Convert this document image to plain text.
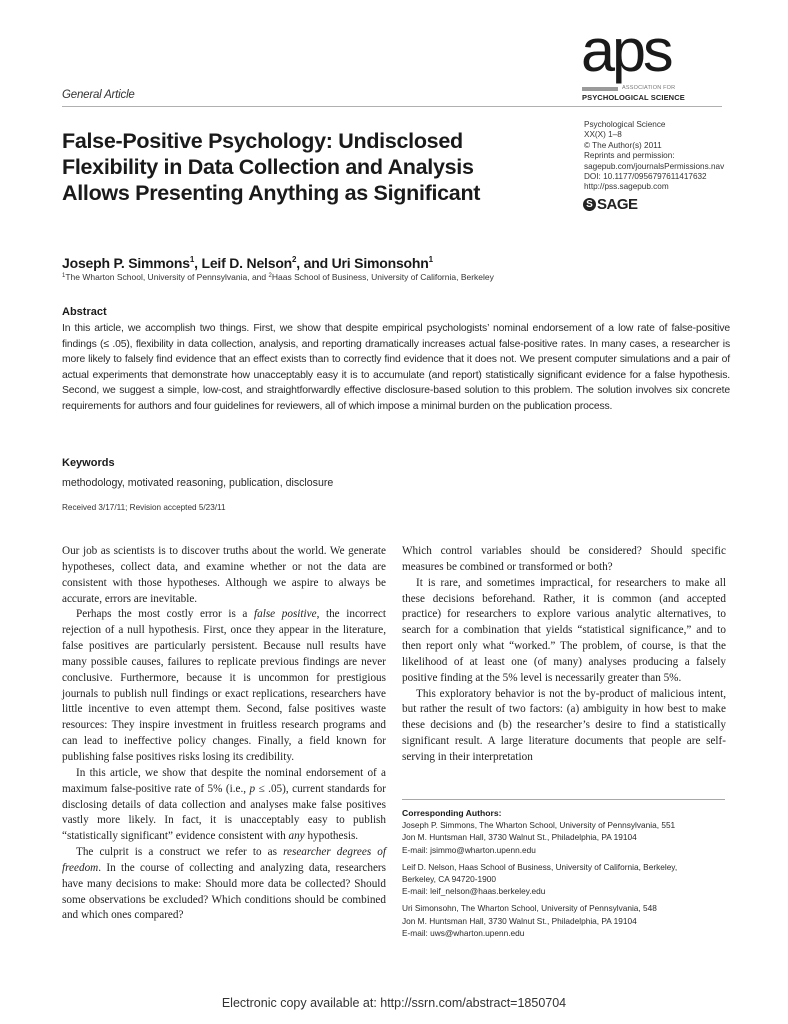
General Article
aps
ASSOCIATION FOR
PSYCHOLOGICAL SCIENCE
Psychological Science
XX(X) 1–8
© The Author(s) 2011
Reprints and permission:
sagepub.com/journalsPermissions.nav
DOI: 10.1177/0956797611417632
http://pss.sagepub.com
S SAGE
False-Positive Psychology: Undisclosed Flexibility in Data Collection and Analysis Allows Presenting Anything as Significant
Joseph P. Simmons$^1$, Leif D. Nelson$^2$, and Uri Simonsohn$^1$
$^1$The Wharton School, University of Pennsylvania, and $^2$Haas School of Business, University of California, Berkeley
Abstract
In this article, we accomplish two things. First, we show that despite empirical psychologists’ nominal endorsement of a low rate of false-positive findings (≤ .05), flexibility in data collection, analysis, and reporting dramatically increases actual false-positive rates. In many cases, a researcher is more likely to falsely find evidence that an effect exists than to correctly find evidence that it does not. We present computer simulations and a pair of actual experiments that demonstrate how unacceptably easy it is to accumulate (and report) statistically significant evidence for a false hypothesis. Second, we suggest a simple, low-cost, and straightforwardly effective disclosure-based solution to this problem. The solution involves six concrete requirements for authors and four guidelines for reviewers, all of which impose a minimal burden on the publication process.
Keywords
methodology, motivated reasoning, publication, disclosure
Received 3/17/11; Revision accepted 5/23/11

Our job as scientists is to discover truths about the world. We generate hypotheses, collect data, and examine whether or not the data are consistent with those hypotheses. Although we aspire to always be accurate, errors are inevitable.

Perhaps the most costly error is a false positive, the incorrect rejection of a null hypothesis. First, once they appear in the literature, false positives are particularly persistent. Because null results have many possible causes, failures to replicate previous findings are never conclusive. Furthermore, because it is uncommon for prestigious journals to publish null findings or exact replications, researchers have little incentive to even attempt them. Second, false positives waste resources: They inspire investment in fruitless research programs and can lead to ineffective policy changes. Finally, a field known for publishing false positives risks losing its credibility.

In this article, we show that despite the nominal endorsement of a maximum false-positive rate of 5% (i.e., p ≤ .05), current standards for disclosing details of data collection and analyses make false positives vastly more likely. In fact, it is unacceptably easy to publish “statistically significant” evidence consistent with any hypothesis.

The culprit is a construct we refer to as researcher degrees of freedom. In the course of collecting and analyzing data, researchers have many decisions to make: Should more data be collected? Should some observations be excluded? Which conditions should be combined and which ones compared?

Which control variables should be considered? Should specific measures be combined or transformed or both?

It is rare, and sometimes impractical, for researchers to make all these decisions beforehand. Rather, it is common (and accepted practice) for researchers to explore various analytic alternatives, to search for a combination that yields “statistical significance,” and to then report only what “worked.” The problem, of course, is that the likelihood of at least one (of many) analyses producing a falsely positive finding at the 5% level is necessarily greater than 5%.

This exploratory behavior is not the by-product of malicious intent, but rather the result of two factors: (a) ambiguity in how best to make these decisions and (b) the researcher’s desire to find a statistically significant result. A large literature documents that people are self-serving in their interpretation

Corresponding Authors:
Joseph P. Simmons, The Wharton School, University of Pennsylvania, 551
Jon M. Huntsman Hall, 3730 Walnut St., Philadelphia, PA 19104
E-mail: jsimmo@wharton.upenn.edu
Leif D. Nelson, Haas School of Business, University of California, Berkeley,
Berkeley, CA 94720-1900
E-mail: leif_nelson@haas.berkeley.edu
Uri Simonsohn, The Wharton School, University of Pennsylvania, 548
Jon M. Huntsman Hall, 3730 Walnut St., Philadelphia, PA 19104
E-mail: uws@wharton.upenn.edu
Electronic copy available at: http://ssrn.com/abstract=1850704
